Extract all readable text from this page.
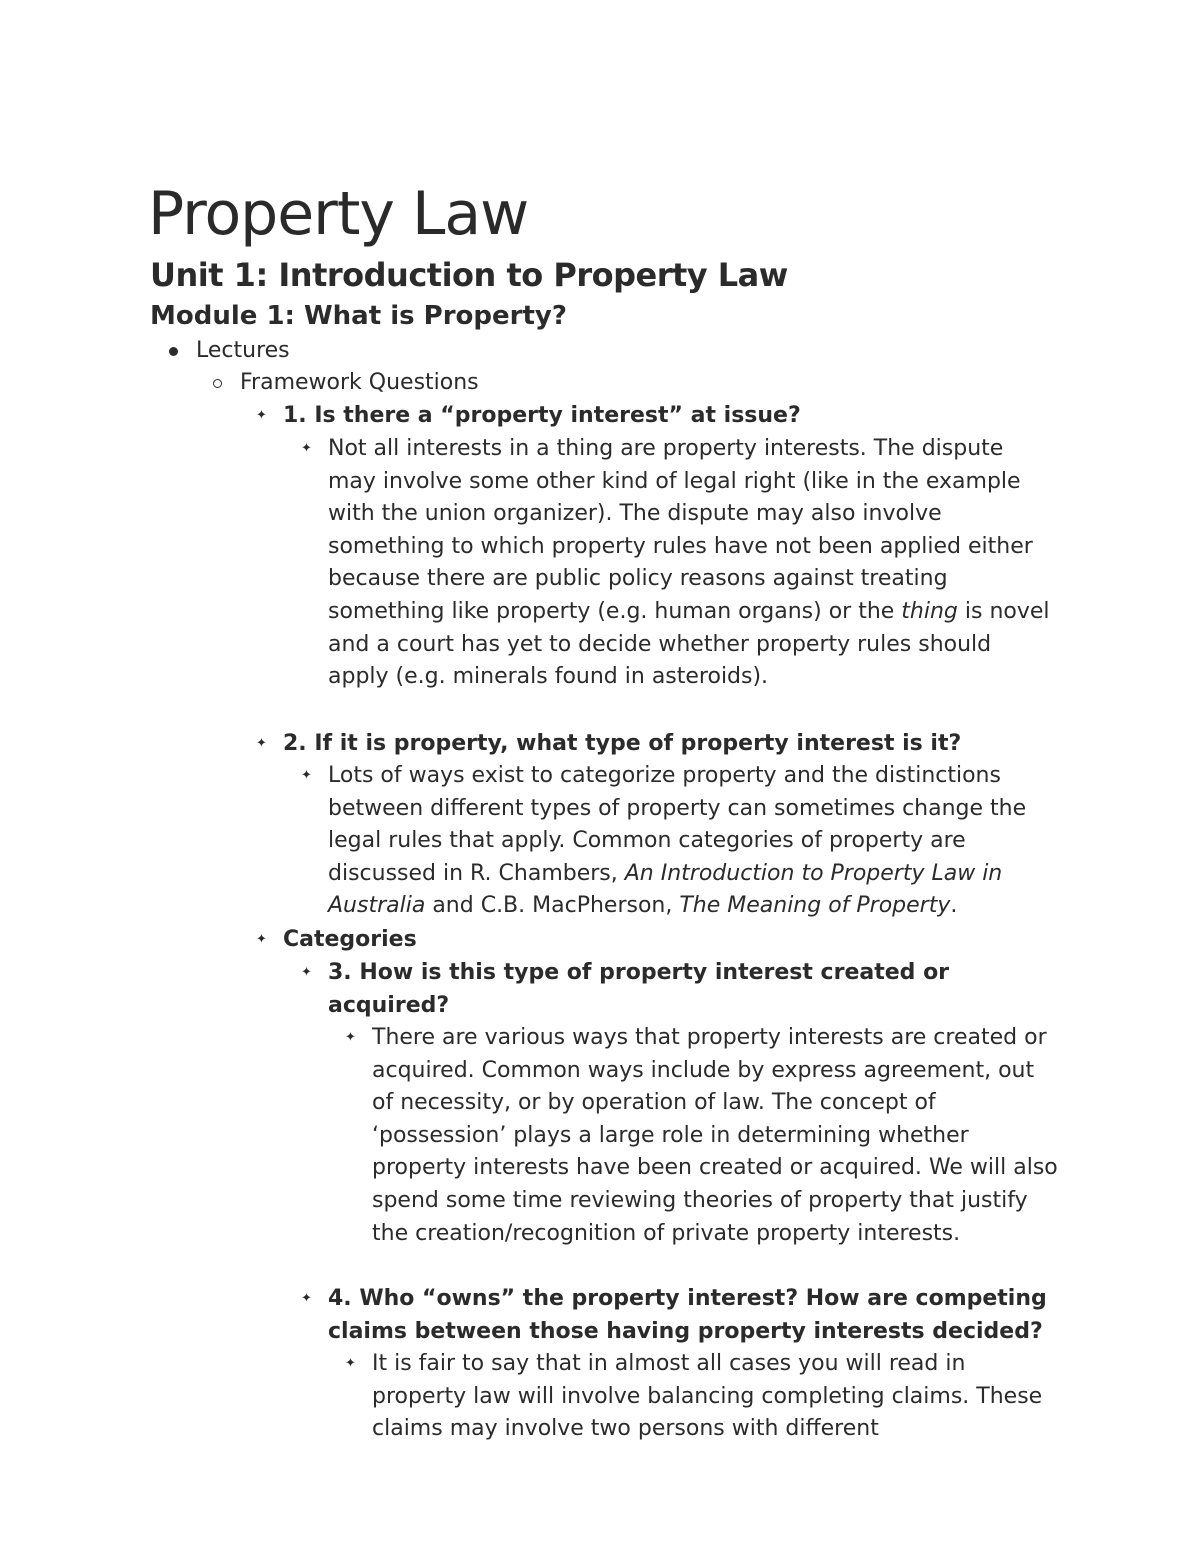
Property Law
Unit 1: Introduction to Property Law
Module 1: What is Property?
Lectures
Framework Questions
✦ 1. Is there a “property interest” at issue?
✦ Not all interests in a thing are property interests. The dispute may involve some other kind of legal right (like in the example with the union organizer). The dispute may also involve something to which property rules have not been applied either because there are public policy reasons against treating something like property (e.g. human organs) or the thing is novel and a court has yet to decide whether property rules should apply (e.g. minerals found in asteroids).
✦ 2. If it is property, what type of property interest is it?
✦ Lots of ways exist to categorize property and the distinctions between different types of property can sometimes change the legal rules that apply. Common categories of property are discussed in R. Chambers, An Introduction to Property Law in Australia and C.B. MacPherson, The Meaning of Property.
✦ Categories
✦ 3. How is this type of property interest created or acquired?
✦ There are various ways that property interests are created or acquired. Common ways include by express agreement, out of necessity, or by operation of law. The concept of ‘possession’ plays a large role in determining whether property interests have been created or acquired. We will also spend some time reviewing theories of property that justify the creation/recognition of private property interests.
✦ 4. Who “owns” the property interest? How are competing claims between those having property interests decided?
✦ It is fair to say that in almost all cases you will read in property law will involve balancing completing claims. These claims may involve two persons with different
